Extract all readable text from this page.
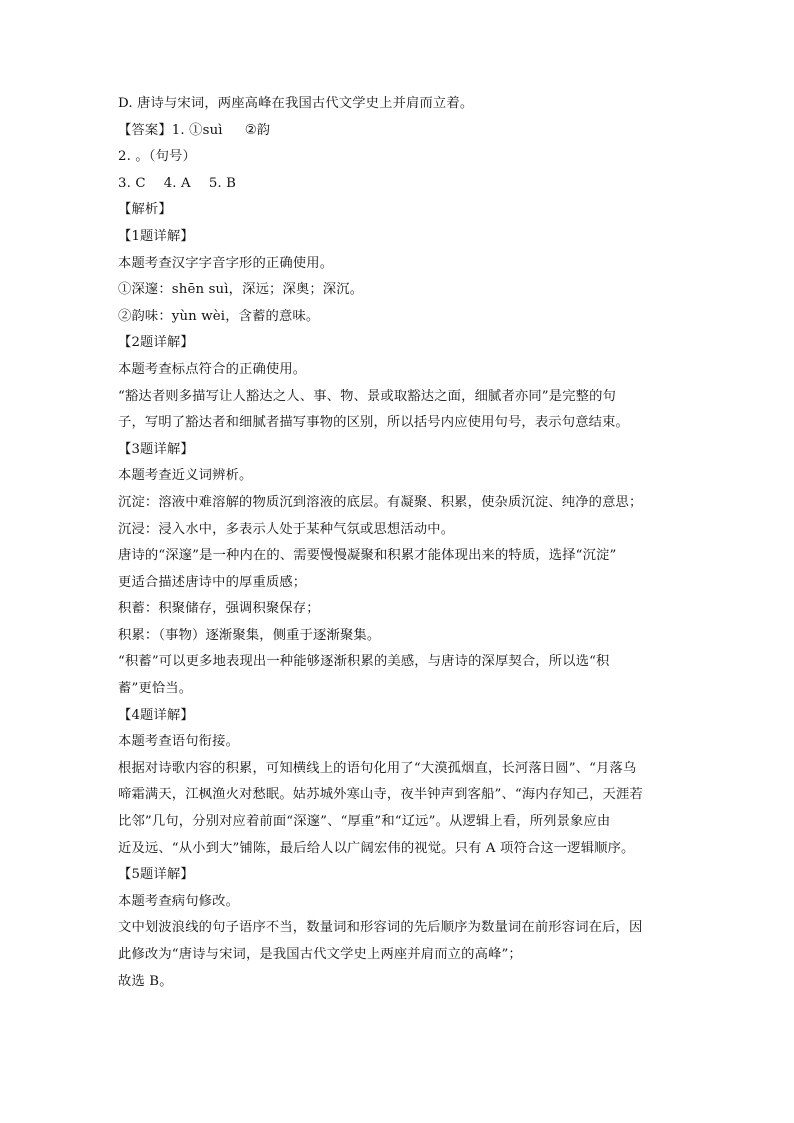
D. 唐诗与宋词，两座高峰在我国古代文学史上并肩而立着。
【答案】1. ①suì ②韵
2. 。（句号）
3. C 4. A 5. B
【解析】
【1题详解】
本题考查汉字字音字形的正确使用。
①深邃：shēn suì，深远；深奥；深沉。
②韵味：yùn wèi，含蓄的意味。
【2题详解】
本题考查标点符合的正确使用。
“豁达者则多描写让人豁达之人、事、物、景或取豁达之面，细腻者亦同”是完整的句
子，写明了豁达者和细腻者描写事物的区别，所以括号内应使用句号，表示句意结束。
【3题详解】
本题考查近义词辨析。
沉淀：溶液中难溶解的物质沉到溶液的底层。有凝聚、积累，使杂质沉淀、纯净的意思；
沉浸：浸入水中，多表示人处于某种气氛或思想活动中。
唐诗的“深邃”是一种内在的、需要慢慢凝聚和积累才能体现出来的特质，选择“沉淀”
更适合描述唐诗中的厚重质感；
积蓄：积聚储存，强调积聚保存；
积累：（事物）逐渐聚集，侧重于逐渐聚集。
“积蓄”可以更多地表现出一种能够逐渐积累的美感，与唐诗的深厚契合，所以选“积
蓄”更恰当。
【4题详解】
本题考查语句衔接。
根据对诗歌内容的积累，可知横线上的语句化用了“大漠孤烟直，长河落日圆”、“月落乌
啼霜满天，江枫渔火对愁眠。姑苏城外寒山寺，夜半钟声到客船”、“海内存知己，天涯若
比邻”几句，分别对应着前面“深邃”、“厚重”和“辽远”。从逻辑上看，所列景象应由
近及远、“从小到大”铺陈，最后给人以广阔宏伟的视觉。只有 A 项符合这一逻辑顺序。
【5题详解】
本题考查病句修改。
文中划波浪线的句子语序不当，数量词和形容词的先后顺序为数量词在前形容词在后，因
此修改为“唐诗与宋词，是我国古代文学史上两座并肩而立的高峰”；
故选 B。
